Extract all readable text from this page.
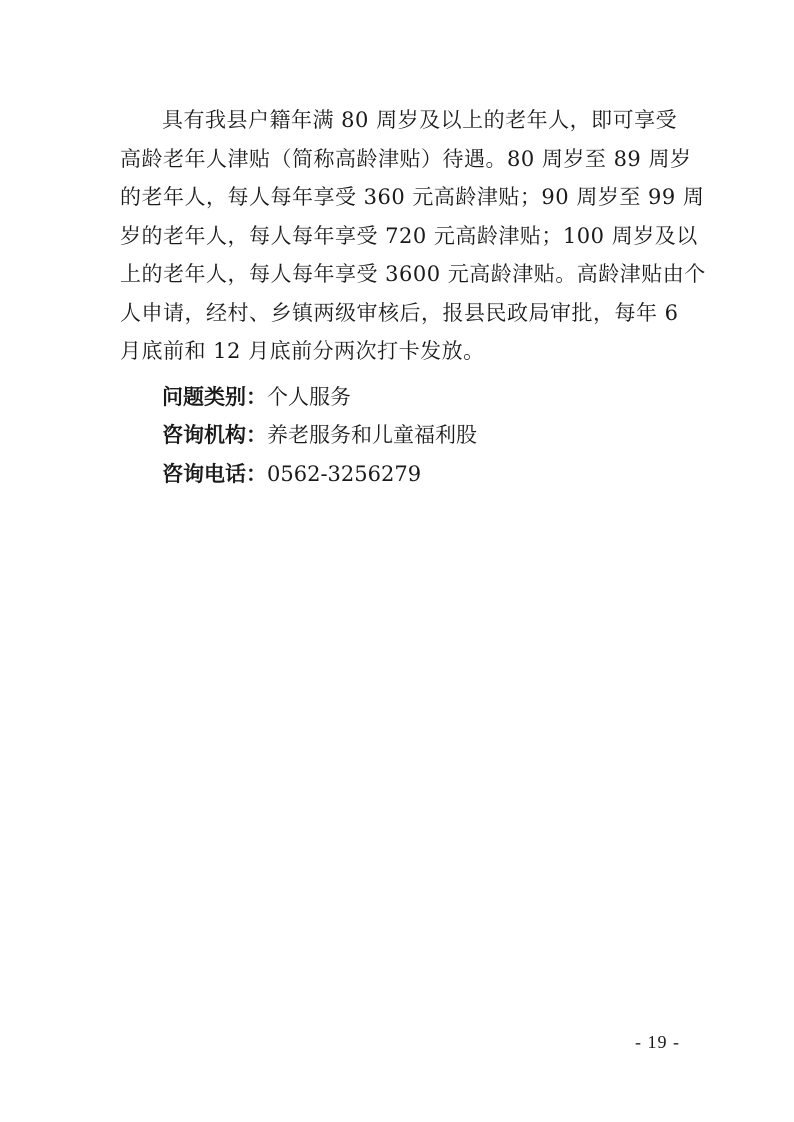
具有我县户籍年满 80 周岁及以上的老年人，即可享受
高龄老年人津贴（简称高龄津贴）待遇。80 周岁至 89 周岁
的老年人，每人每年享受 360 元高龄津贴；90 周岁至 99 周
岁的老年人，每人每年享受 720 元高龄津贴；100 周岁及以
上的老年人，每人每年享受 3600 元高龄津贴。高龄津贴由个
人申请，经村、乡镇两级审核后，报县民政局审批，每年 6
月底前和 12 月底前分两次打卡发放。
问题类别：个人服务
咨询机构：养老服务和儿童福利股
咨询电话：0562-3256279
- 19 -
